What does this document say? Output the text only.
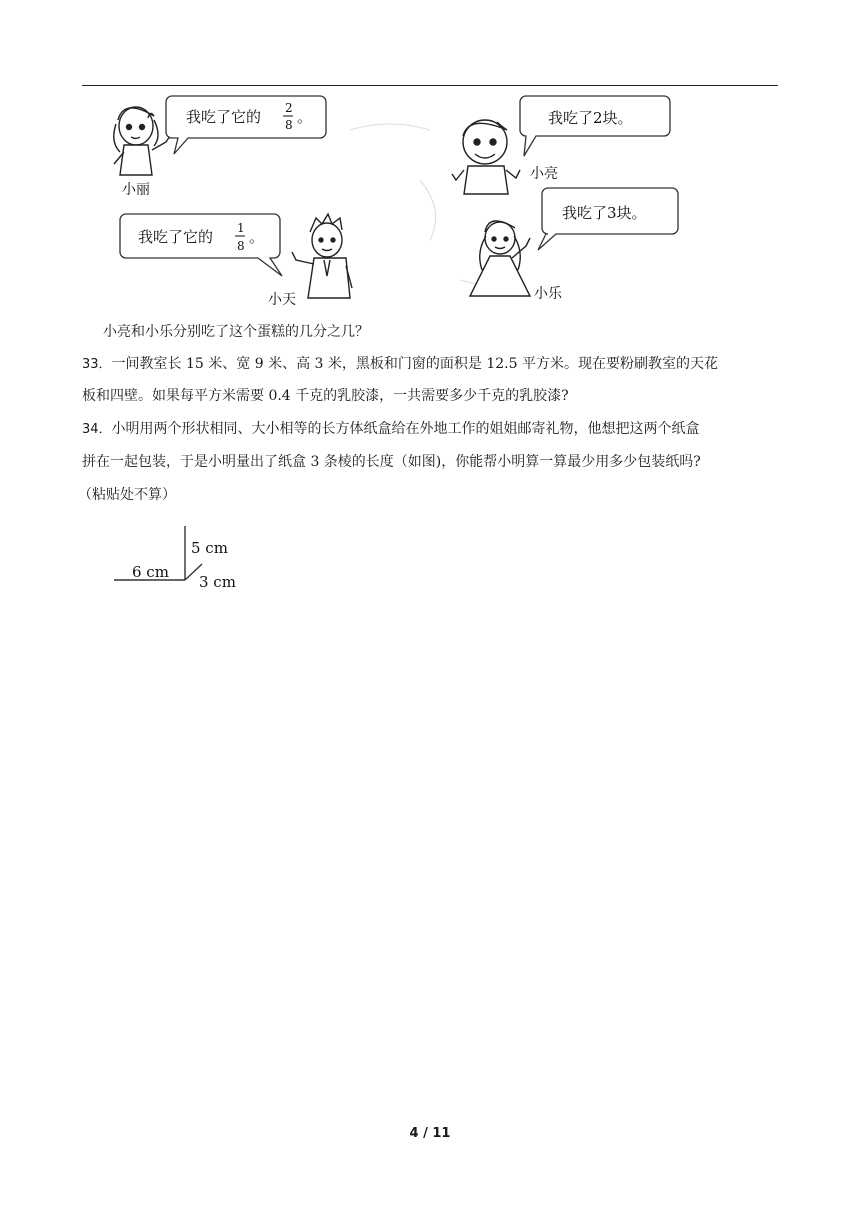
小丽
我吃了它的 2
8 。
我吃了它的 1
8 。
小天
我吃了2块。
小亮
我吃了3块。
小乐
小亮和小乐分别吃了这个蛋糕的几分之几？
33．一间教室长 15 米、宽 9 米、高 3 米，黑板和门窗的面积是 12.5 平方米。现在要粉刷教室的天花
板和四壁。如果每平方米需要 0.4 千克的乳胶漆，一共需要多少千克的乳胶漆?
34．小明用两个形状相同、大小相等的长方体纸盒给在外地工作的姐姐邮寄礼物，他想把这两个纸盒
拼在一起包装，于是小明量出了纸盒 3 条棱的长度（如图)，你能帮小明算一算最少用多少包装纸吗?
（粘贴处不算）
5 cm
6 cm
3 cm
4 / 11
